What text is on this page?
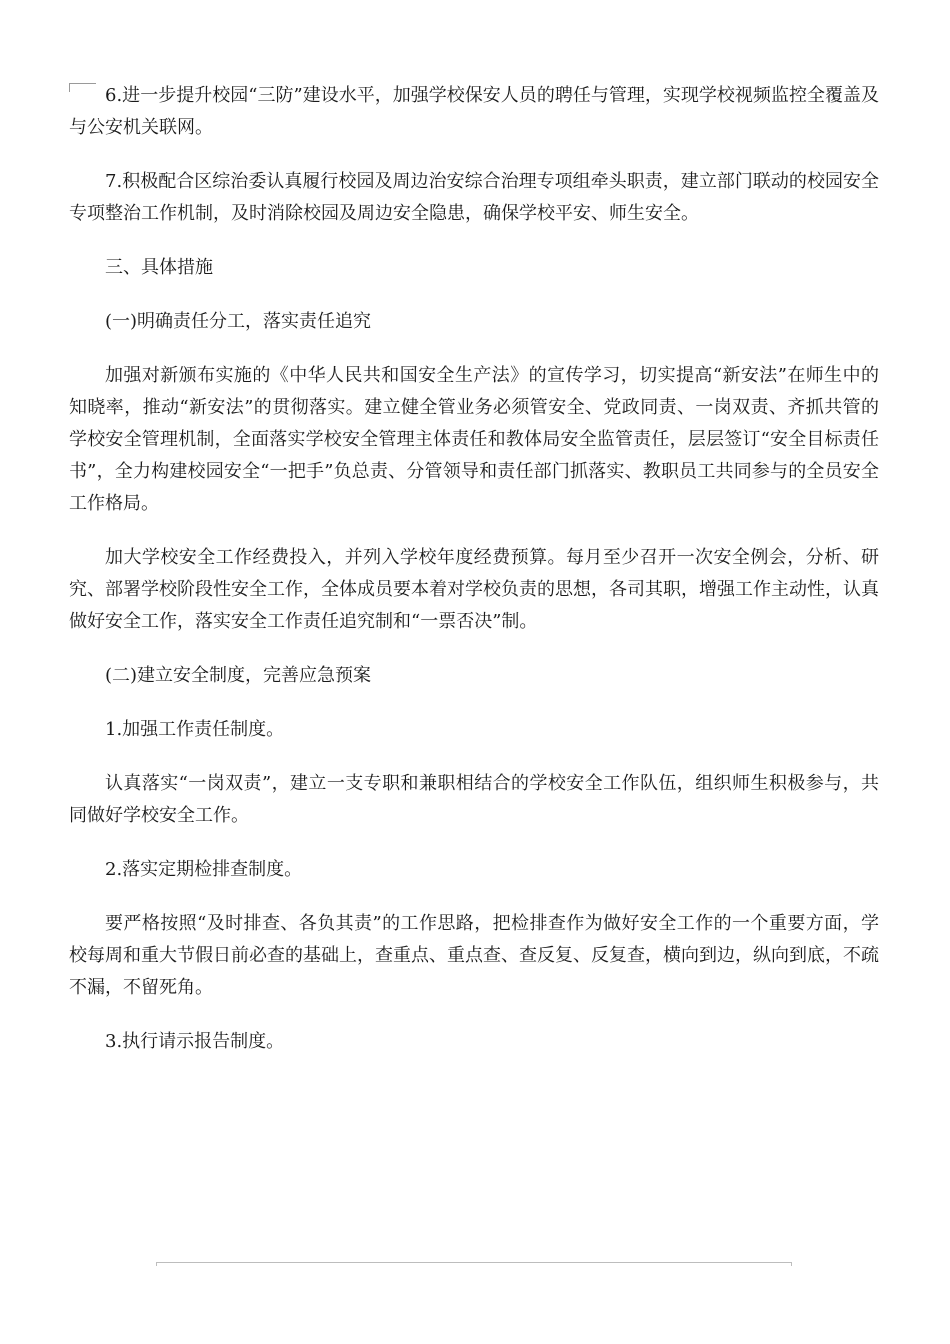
6.进一步提升校园“三防”建设水平，加强学校保安人员的聘任与管理，实现学校视频监控全覆盖及与公安机关联网。

7.积极配合区综治委认真履行校园及周边治安综合治理专项组牵头职责，建立部门联动的校园安全专项整治工作机制，及时消除校园及周边安全隐患，确保学校平安、师生安全。

三、具体措施

(一)明确责任分工，落实责任追究

加强对新颁布实施的《中华人民共和国安全生产法》的宣传学习，切实提高“新安法”在师生中的知晓率，推动“新安法”的贯彻落实。建立健全管业务必须管安全、党政同责、一岗双责、齐抓共管的学校安全管理机制，全面落实学校安全管理主体责任和教体局安全监管责任，层层签订“安全目标责任书”，全力构建校园安全“一把手”负总责、分管领导和责任部门抓落实、教职员工共同参与的全员安全工作格局。

加大学校安全工作经费投入，并列入学校年度经费预算。每月至少召开一次安全例会，分析、研究、部署学校阶段性安全工作，全体成员要本着对学校负责的思想，各司其职，增强工作主动性，认真做好安全工作，落实安全工作责任追究制和“一票否决”制。

(二)建立安全制度，完善应急预案

1.加强工作责任制度。

认真落实“一岗双责”，建立一支专职和兼职相结合的学校安全工作队伍，组织师生积极参与，共同做好学校安全工作。

2.落实定期检排查制度。

要严格按照“及时排查、各负其责”的工作思路，把检排查作为做好安全工作的一个重要方面，学校每周和重大节假日前必查的基础上，查重点、重点查、查反复、反复查，横向到边，纵向到底，不疏不漏，不留死角。

3.执行请示报告制度。
